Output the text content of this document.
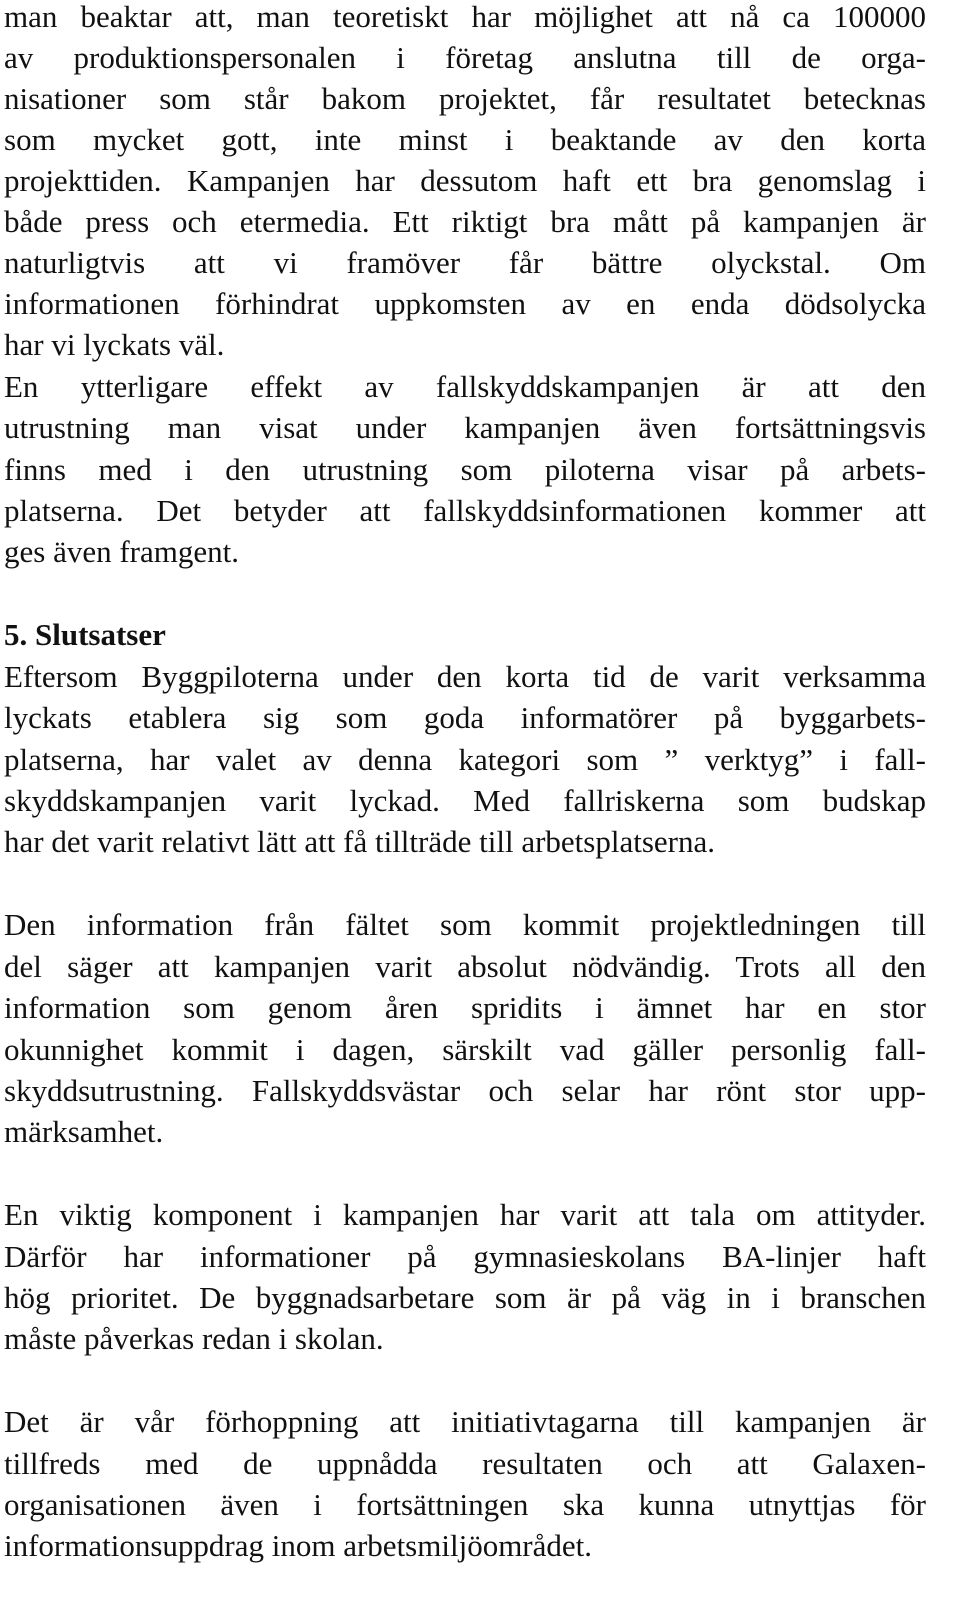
man beaktar att, man teoretiskt har möjlighet att nå ca 100000
av produktionspersonalen i företag anslutna till de orga-
nisationer som står bakom projektet, får resultatet betecknas
som mycket gott, inte minst i beaktande av den korta
projekttiden. Kampanjen har dessutom haft ett bra genomslag i
både press och etermedia. Ett riktigt bra mått på kampanjen är
naturligtvis att vi framöver får bättre olyckstal. Om
informationen förhindrat uppkomsten av en enda dödsolycka
har vi lyckats väl.
En ytterligare effekt av fallskyddskampanjen är att den
utrustning man visat under kampanjen även fortsättningsvis
finns med i den utrustning som piloterna visar på arbets-
platserna. Det betyder att fallskyddsinformationen kommer att
ges även framgent.
5. Slutsatser
Eftersom Byggpiloterna under den korta tid de varit verksamma
lyckats etablera sig som goda informatörer på byggarbets-
platserna, har valet av denna kategori som ” verktyg” i fall-
skyddskampanjen varit lyckad. Med fallriskerna som budskap
har det varit relativt lätt att få tillträde till arbetsplatserna.
Den information från fältet som kommit projektledningen till
del säger att kampanjen varit absolut nödvändig. Trots all den
information som genom åren spridits i ämnet har en stor
okunnighet kommit i dagen, särskilt vad gäller personlig fall-
skyddsutrustning. Fallskyddsvästar och selar har rönt stor upp-
märksamhet.
En viktig komponent i kampanjen har varit att tala om attityder.
Därför har informationer på gymnasieskolans BA-linjer haft
hög prioritet. De byggnadsarbetare som är på väg in i branschen
måste påverkas redan i skolan.
Det är vår förhoppning att initiativtagarna till kampanjen är
tillfreds med de uppnådda resultaten och att Galaxen-
organisationen även i fortsättningen ska kunna utnyttjas för
informationsuppdrag inom arbetsmiljöområdet.
